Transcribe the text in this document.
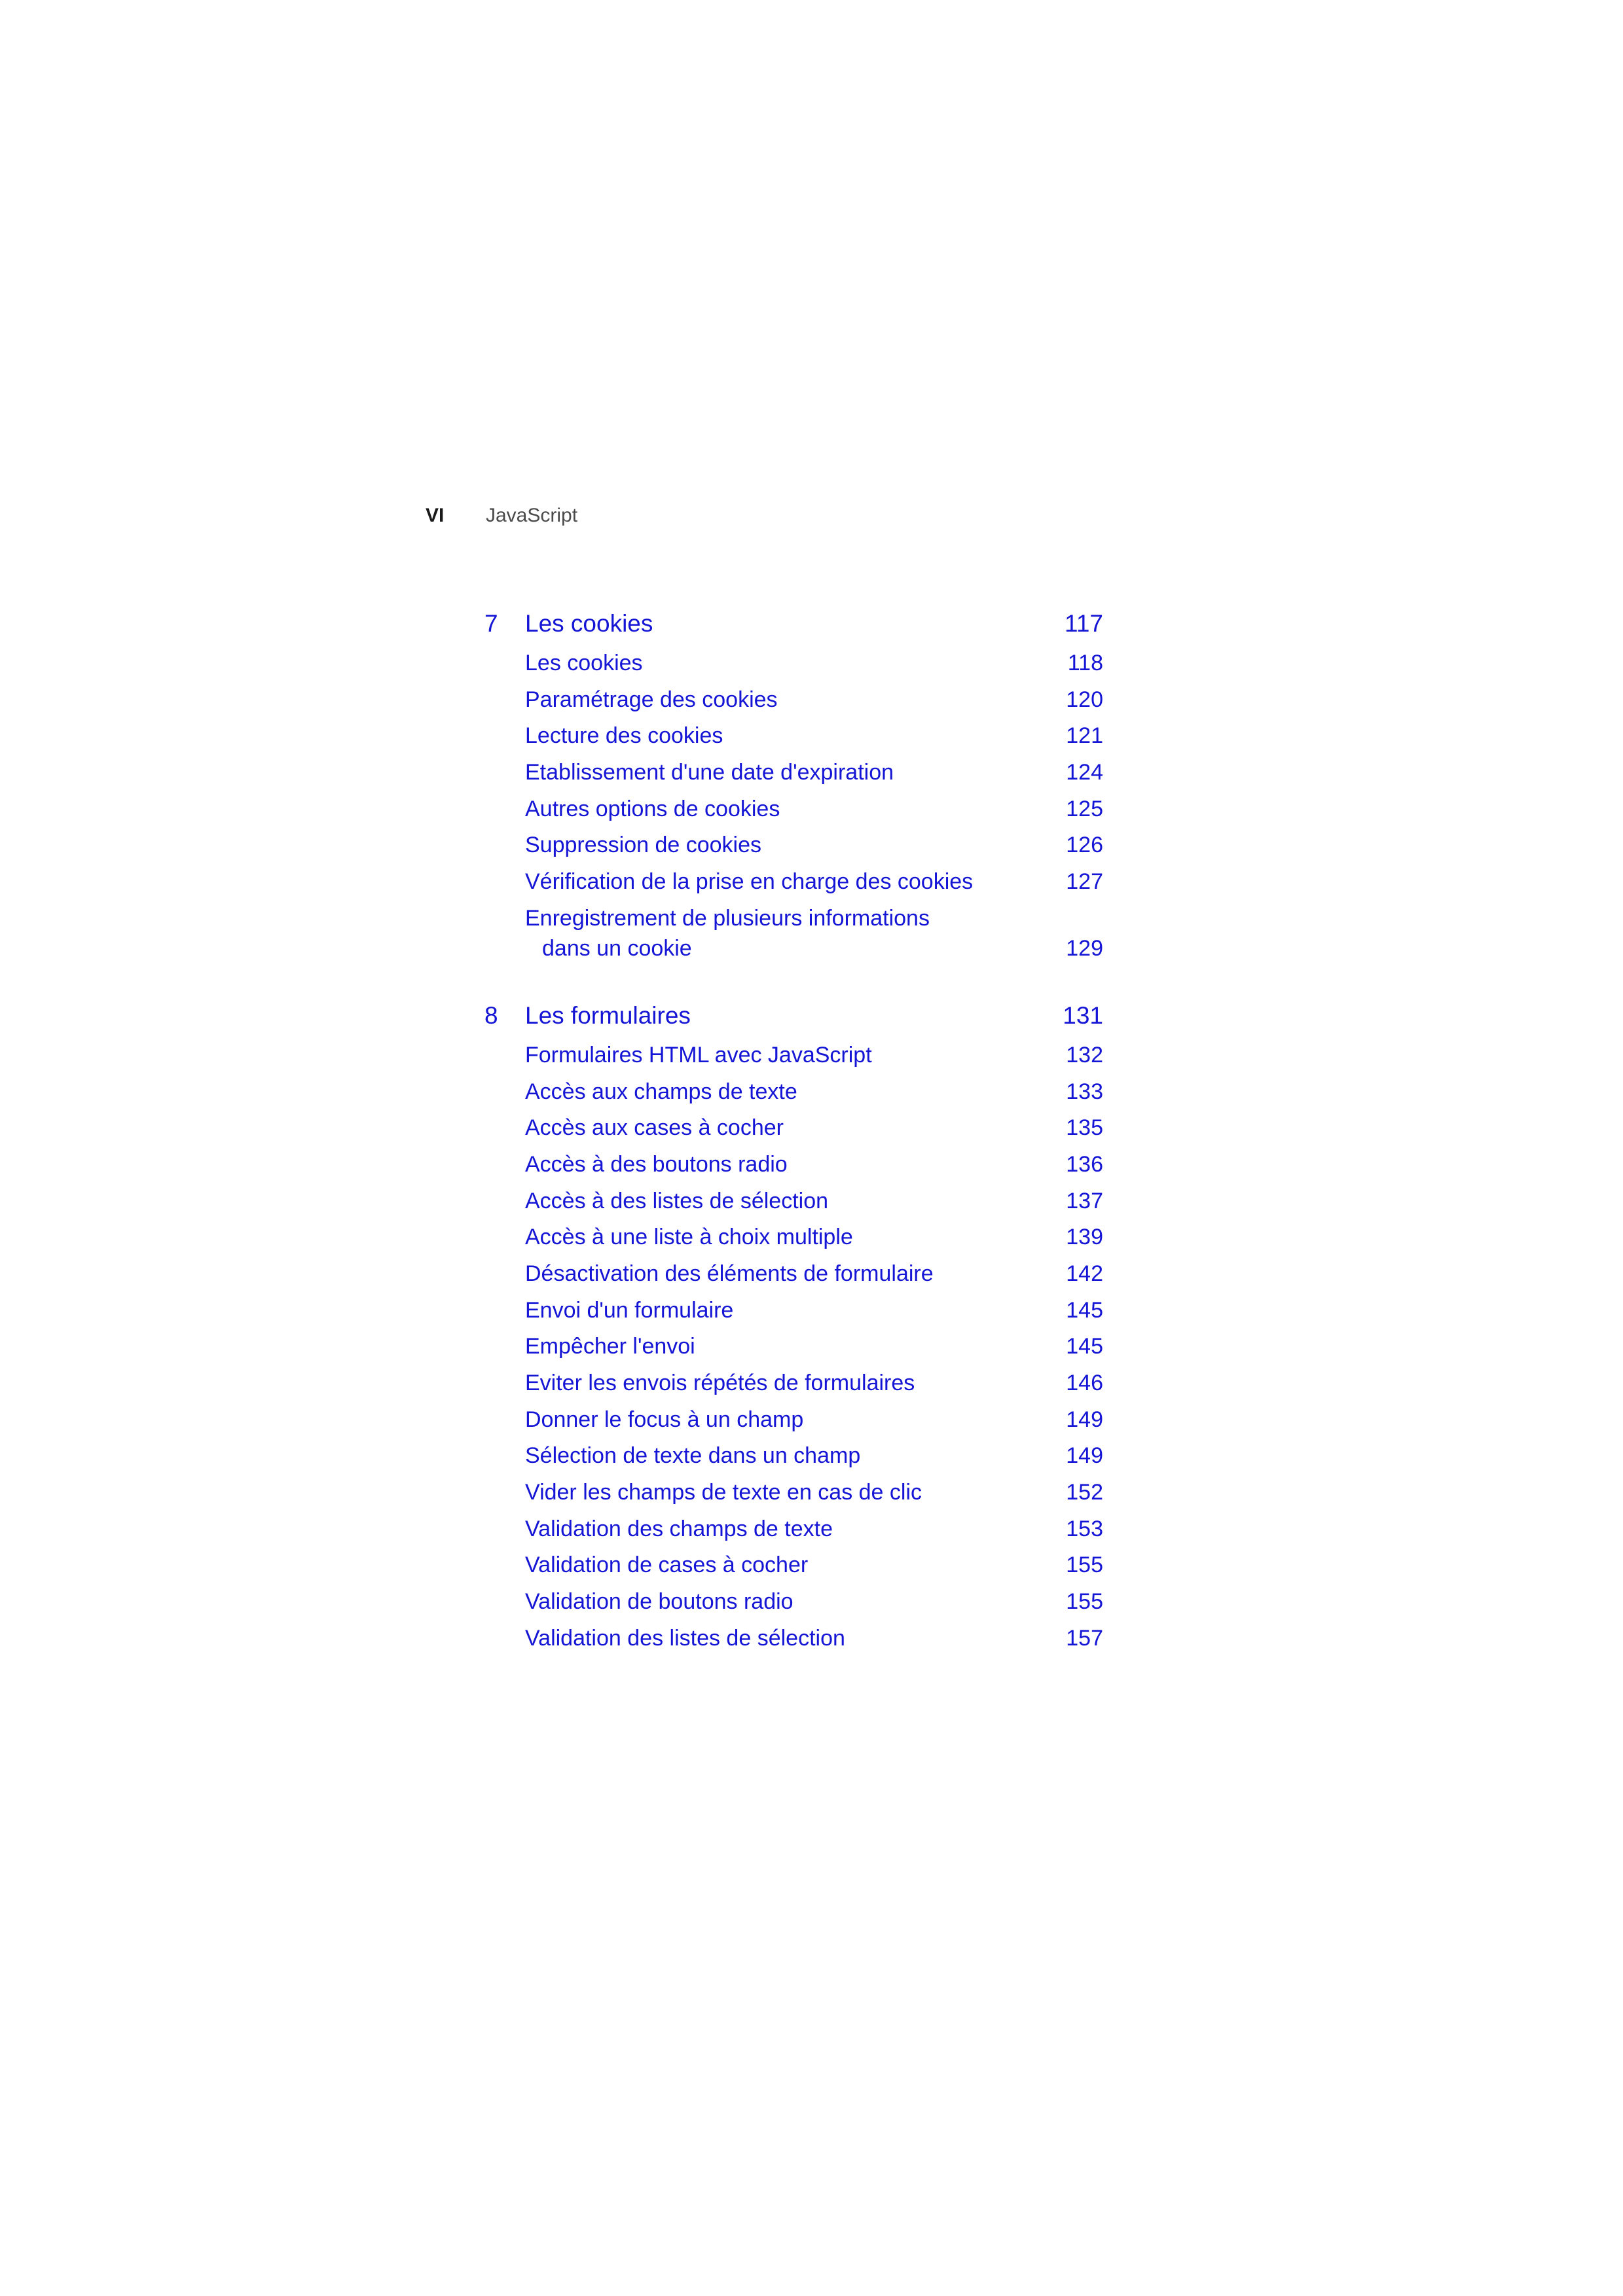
VI JavaScript
7 Les cookies	117
Les cookies	118
Paramétrage des cookies	120
Lecture des cookies	121
Etablissement d'une date d'expiration	124
Autres options de cookies	125
Suppression de cookies	126
Vérification de la prise en charge des cookies	127
Enregistrement de plusieurs informations
dans un cookie	129
8 Les formulaires	131
Formulaires HTML avec JavaScript	132
Accès aux champs de texte	133
Accès aux cases à cocher	135
Accès à des boutons radio	136
Accès à des listes de sélection	137
Accès à une liste à choix multiple	139
Désactivation des éléments de formulaire	142
Envoi d'un formulaire	145
Empêcher l'envoi	145
Eviter les envois répétés de formulaires	146
Donner le focus à un champ	149
Sélection de texte dans un champ	149
Vider les champs de texte en cas de clic	152
Validation des champs de texte	153
Validation de cases à cocher	155
Validation de boutons radio	155
Validation des listes de sélection	157
